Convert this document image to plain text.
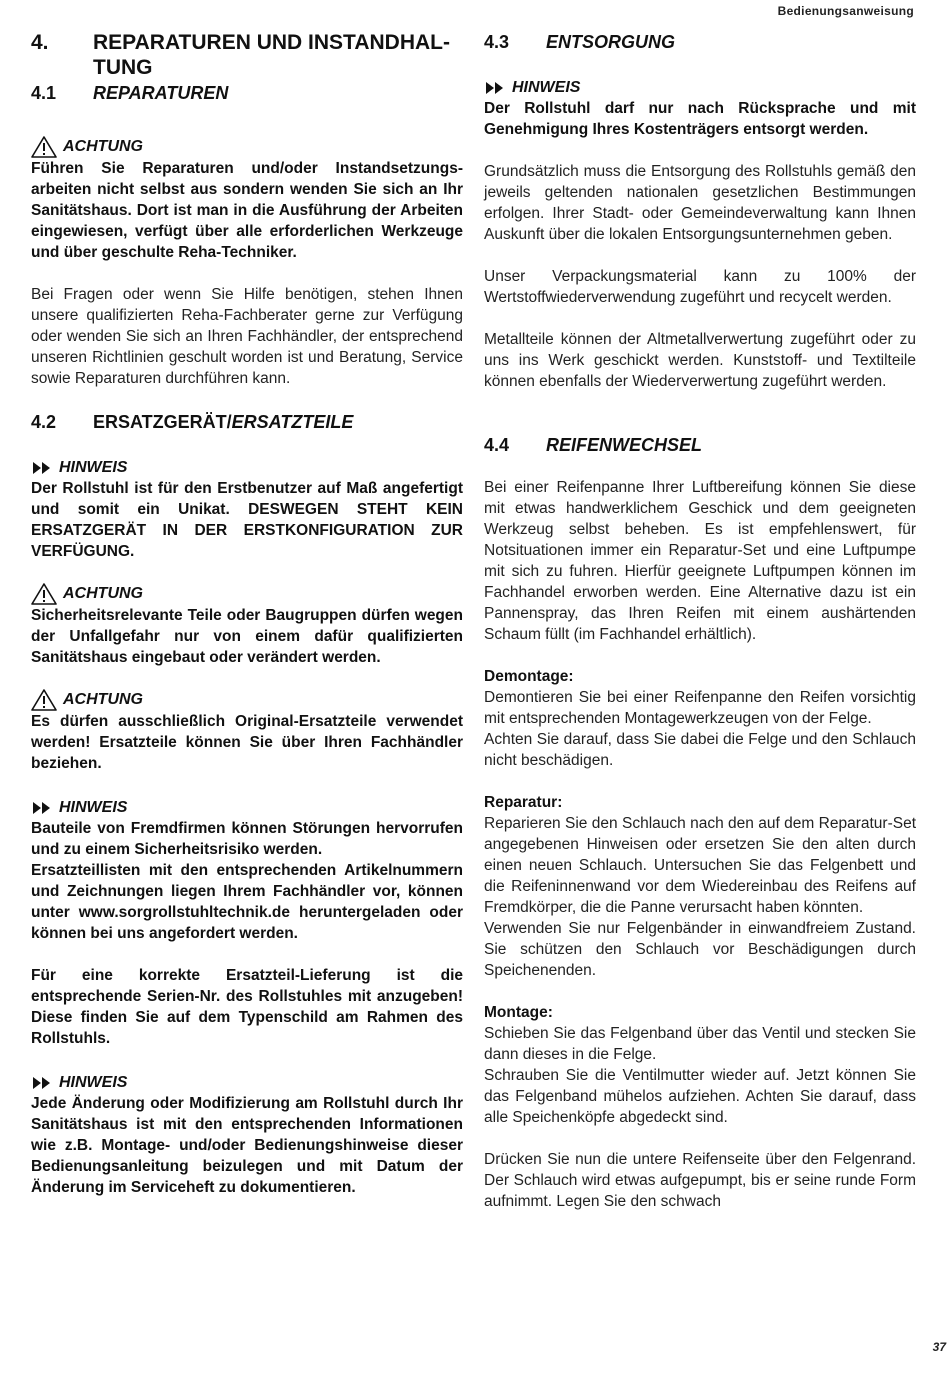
Bedienungsanweisung
4.	REPARATUREN UND INSTANDHAL-TUNG
4.1	REPARATUREN
ACHTUNG

Führen Sie Reparaturen und/oder Instandsetzungs-arbeiten nicht selbst aus sondern wenden Sie sich an Ihr Sanitätshaus. Dort ist man in die Ausführung der Arbeiten eingewiesen, verfügt über alle erforderlichen Werkzeuge und über geschulte Reha-Techniker.

Bei Fragen oder wenn Sie Hilfe benötigen, stehen Ihnen unsere qualifizierten Reha-Fachberater gerne zur Verfügung oder wenden Sie sich an Ihren Fachhändler, der entsprechend unseren Richtlinien geschult worden ist und Beratung, Service sowie Reparaturen durchführen kann.

4.2	ERSATZGERÄT/ERSATZTEILE
HINWEIS

Der Rollstuhl ist für den Erstbenutzer auf Maß angefertigt und somit ein Unikat. DESWEGEN STEHT KEIN ERSATZGERÄT IN DER ERSTKONFIGURATION ZUR VERFÜGUNG.

ACHTUNG

Sicherheitsrelevante Teile oder Baugruppen dürfen wegen der Unfallgefahr nur von einem dafür qualifizierten Sanitätshaus eingebaut oder verändert werden.

ACHTUNG

Es dürfen ausschließlich Original-Ersatzteile verwendet werden! Ersatzteile können Sie über Ihren Fachhändler beziehen.

HINWEIS

Bauteile von Fremdfirmen können Störungen hervorrufen und zu einem Sicherheitsrisiko werden.

Ersatzteillisten mit den entsprechenden Artikelnummern und Zeichnungen liegen Ihrem Fachhändler vor, können unter www.sorgrollstuhltechnik.de heruntergeladen oder können bei uns angefordert werden.

Für eine korrekte Ersatzteil-Lieferung ist die entsprechende Serien-Nr. des Rollstuhles mit anzugeben! Diese finden Sie auf dem Typenschild am Rahmen des Rollstuhls.

HINWEIS

Jede Änderung oder Modifizierung am Rollstuhl durch Ihr Sanitätshaus ist mit den entsprechenden Informationen wie z.B. Montage- und/oder Bedienungshinweise dieser Bedienungsanleitung beizulegen und mit Datum der Änderung im Serviceheft zu dokumentieren.

4.3	ENTSORGUNG
HINWEIS

Der Rollstuhl darf nur nach Rücksprache und mit Genehmigung Ihres Kostenträgers entsorgt werden.

Grundsätzlich muss die Entsorgung des Rollstuhls gemäß den jeweils geltenden nationalen gesetzlichen Bestimmungen erfolgen. Ihrer Stadt- oder Gemeindeverwaltung kann Ihnen Auskunft über die lokalen Entsorgungsunternehmen geben.

Unser Verpackungsmaterial kann zu 100% der Wertstoffwiederverwendung zugeführt und recycelt werden.

Metallteile können der Altmetallverwertung zugeführt oder zu uns ins Werk geschickt werden. Kunststoff- und Textilteile können ebenfalls der Wiederverwertung zugeführt werden.

4.4	REIFENWECHSEL

Bei einer Reifenpanne Ihrer Luftbereifung können Sie diese mit etwas handwerklichem Geschick und dem geeigneten Werkzeug selbst beheben. Es ist empfehlenswert, für Notsituationen immer ein Reparatur-Set und eine Luftpumpe mit sich zu fuhren. Hierfür geeignete Luftpumpen können im Fachhandel erworben werden. Eine Alternative dazu ist ein Pannenspray, das Ihren Reifen mit einem aushärtenden Schaum füllt (im Fachhandel erhältlich).

Demontage:

Demontieren Sie bei einer Reifenpanne den Reifen vorsichtig mit entsprechenden Montagewerkzeugen von der Felge.

Achten Sie darauf, dass Sie dabei die Felge und den Schlauch nicht beschädigen.

Reparatur:

Reparieren Sie den Schlauch nach den auf dem Reparatur-Set angegebenen Hinweisen oder ersetzen Sie den alten durch einen neuen Schlauch. Untersuchen Sie das Felgenbett und die Reifeninnenwand vor dem Wiedereinbau des Reifens auf Fremdkörper, die die Panne verursacht haben könnten.

Verwenden Sie nur Felgenbänder in einwandfreiem Zustand. Sie schützen den Schlauch vor Beschädigungen durch Speichenenden.

Montage:

Schieben Sie das Felgenband über das Ventil und stecken Sie dann dieses in die Felge.

Schrauben Sie die Ventilmutter wieder auf. Jetzt können Sie das Felgenband mühelos aufziehen. Achten Sie darauf, dass alle Speichenköpfe abgedeckt sind.

Drücken Sie nun die untere Reifenseite über den Felgenrand. Der Schlauch wird etwas aufgepumpt, bis er seine runde Form aufnimmt. Legen Sie den schwach

37
